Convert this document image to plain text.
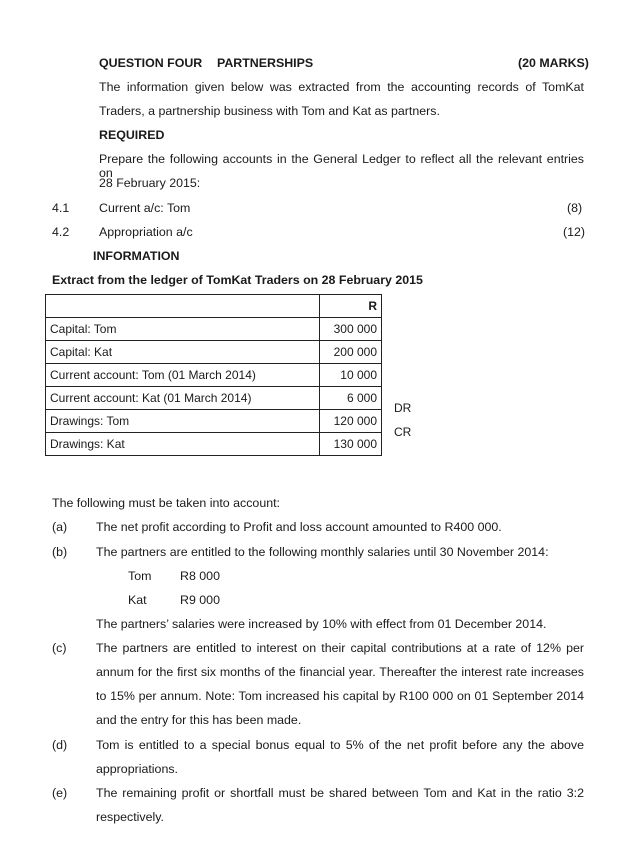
QUESTION FOUR PARTNERSHIPS	(20 MARKS)
The information given below was extracted from the accounting records of TomKat
Traders, a partnership business with Tom and Kat as partners.
REQUIRED
Prepare the following accounts in the General Ledger to reflect all the relevant entries on
28 February 2015:
4.1 Current a/c: Tom	(8)
4.2 Appropriation a/c	(12)
INFORMATION
Extract from the ledger of TomKat Traders on 28 February 2015
	R
Capital: Tom	300 000
Capital: Kat	200 000
Current account: Tom (01 March 2014)	10 000
Current account: Kat (01 March 2014)	6 000
Drawings: Tom	120 000
Drawings: Kat	130 000
DR
CR
The following must be taken into account:
(a) The net profit according to Profit and loss account amounted to R400 000.
(b) The partners are entitled to the following monthly salaries until 30 November 2014:
Tom R8 000
Kat	R9 000
The partners’ salaries were increased by 10% with effect from 01 December 2014.
(c) The partners are entitled to interest on their capital contributions at a rate of 12% per
annum for the first six months of the financial year. Thereafter the interest rate increases
to 15% per annum. Note: Tom increased his capital by R100 000 on 01 September 2014
and the entry for this has been made.
(d) Tom is entitled to a special bonus equal to 5% of the net profit before any the above
appropriations.
(e) The remaining profit or shortfall must be shared between Tom and Kat in the ratio 3:2
respectively.
